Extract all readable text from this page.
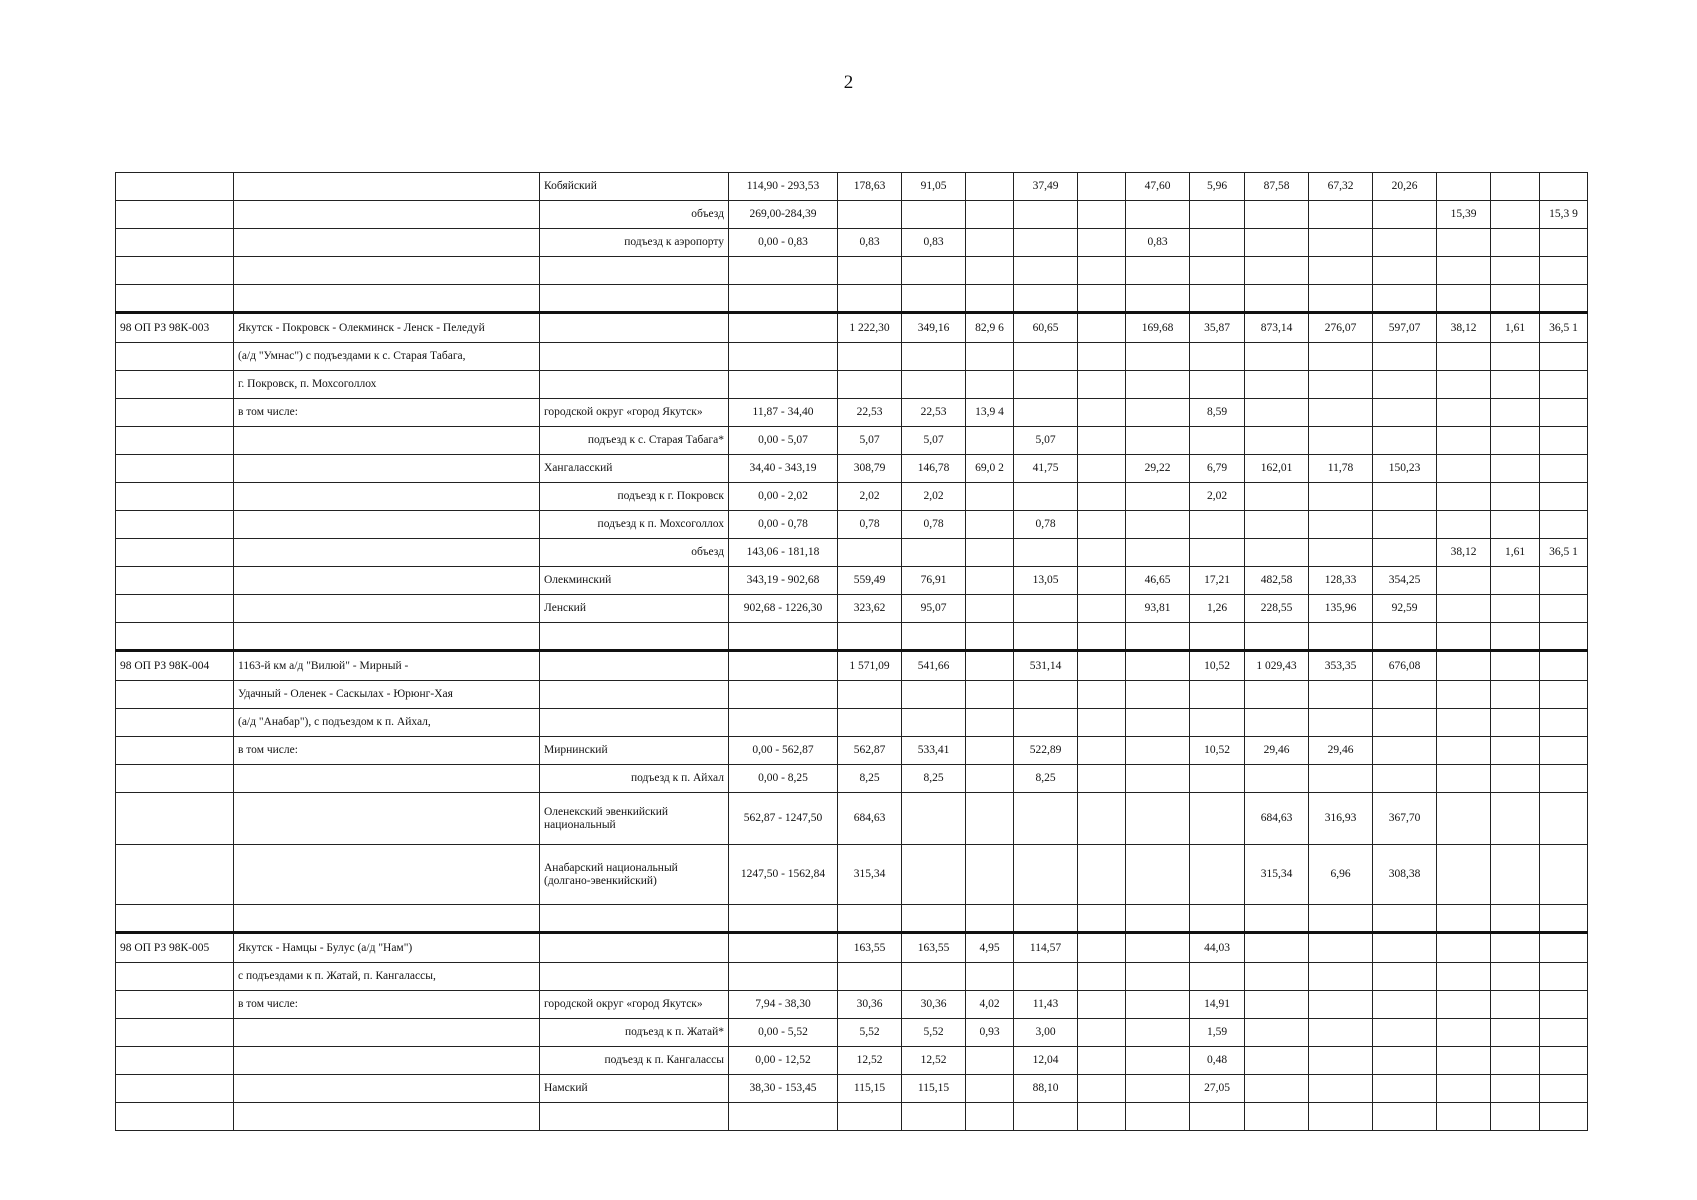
2
		Кобяйский	114,90 - 293,53	178,63	91,05		37,49		47,60	5,96	87,58	67,32	20,26			
		объезд	269,00-284,39											15,39		15,3 9
		подъезд к аэропорту	0,00 - 0,83	0,83	0,83				0,83							

98 ОП РЗ 98К-003	Якутск - Покровск - Олекминск - Ленск - Пеледуй			1 222,30	349,16	82,9 6	60,65		169,68	35,87	873,14	276,07	597,07	38,12	1,61	36,5 1
	(а/д "Умнас") с подъездами к с. Старая Табага,															
	г. Покровск, п. Мохсоголлох															
	в том числе:	городской округ «город Якутск»	11,87 - 34,40	22,53	22,53	13,9 4				8,59						
		подъезд к с. Старая Табага*	0,00 - 5,07	5,07	5,07		5,07									
		Хангаласский	34,40 - 343,19	308,79	146,78	69,0 2	41,75		29,22	6,79	162,01	11,78	150,23			
		подъезд к г. Покровск	0,00 - 2,02	2,02	2,02					2,02						
		подъезд к п. Мохсоголлох	0,00 - 0,78	0,78	0,78		0,78									
		объезд	143,06 - 181,18											38,12	1,61	36,5 1
		Олекминский	343,19 - 902,68	559,49	76,91		13,05		46,65	17,21	482,58	128,33	354,25			
		Ленский	902,68 - 1226,30	323,62	95,07				93,81	1,26	228,55	135,96	92,59			

98 ОП РЗ 98К-004	1163-й км а/д "Вилюй" - Мирный -			1 571,09	541,66		531,14			10,52	1 029,43	353,35	676,08			
	Удачный - Оленек - Саскылах - Юрюнг-Хая															
	(а/д "Анабар"), с подъездом к п. Айхал,															
	в том числе:	Мирнинский	0,00 - 562,87	562,87	533,41		522,89			10,52	29,46	29,46				
		подъезд к п. Айхал	0,00 - 8,25	8,25	8,25		8,25									
		Оленекский эвенкийский национальный	562,87 - 1247,50	684,63							684,63	316,93	367,70			
		Анабарский национальный (долгано-эвенкийский)	1247,50 - 1562,84	315,34							315,34	6,96	308,38			

98 ОП РЗ 98К-005	Якутск - Намцы - Булус (а/д "Нам")			163,55	163,55	4,95	114,57			44,03						
	с подъездами к п. Жатай, п. Кангалассы,															
	в том числе:	городской округ «город Якутск»	7,94 - 38,30	30,36	30,36	4,02	11,43			14,91						
		подъезд к п. Жатай*	0,00 - 5,52	5,52	5,52	0,93	3,00			1,59						
		подъезд к п. Кангалассы	0,00 - 12,52	12,52	12,52		12,04			0,48						
		Намский	38,30 - 153,45	115,15	115,15		88,10			27,05						
